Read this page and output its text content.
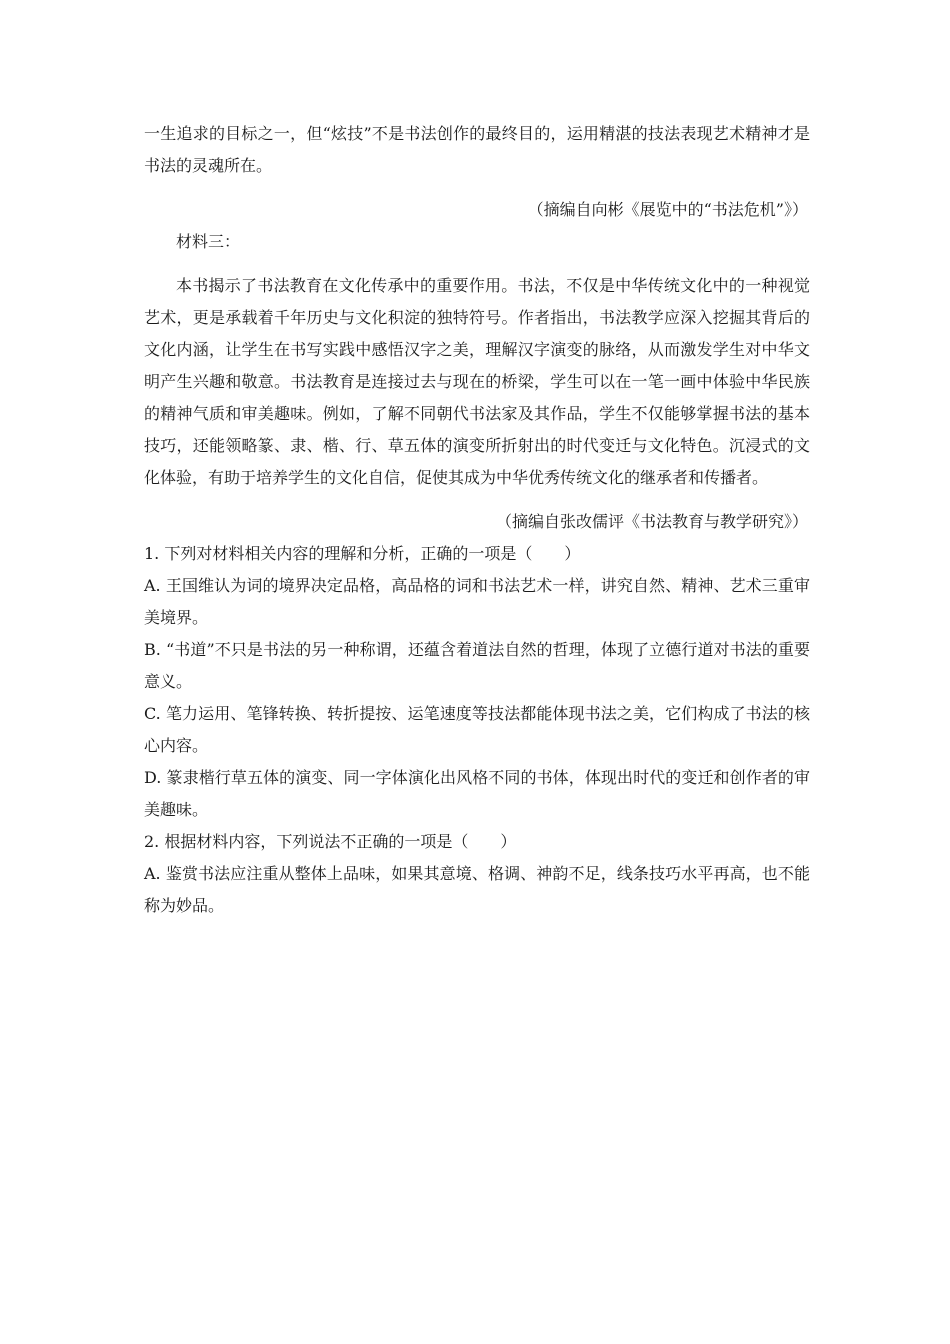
一生追求的目标之一，但“炫技”不是书法创作的最终目的，运用精湛的技法表现艺术精神才是书法的灵魂所在。

（摘编自向彬《展览中的“书法危机”》）

材料三：

本书揭示了书法教育在文化传承中的重要作用。书法，不仅是中华传统文化中的一种视觉艺术，更是承载着千年历史与文化积淀的独特符号。作者指出，书法教学应深入挖掘其背后的文化内涵，让学生在书写实践中感悟汉字之美，理解汉字演变的脉络，从而激发学生对中华文明产生兴趣和敬意。书法教育是连接过去与现在的桥梁，学生可以在一笔一画中体验中华民族的精神气质和审美趣味。例如，了解不同朝代书法家及其作品，学生不仅能够掌握书法的基本技巧，还能领略篆、隶、楷、行、草五体的演变所折射出的时代变迁与文化特色。沉浸式的文化体验，有助于培养学生的文化自信，促使其成为中华优秀传统文化的继承者和传播者。

（摘编自张改儒评《书法教育与教学研究》）

1. 下列对材料相关内容的理解和分析，正确的一项是（　　）

A. 王国维认为词的境界决定品格，高品格的词和书法艺术一样，讲究自然、精神、艺术三重审美境界。

B. “书道”不只是书法的另一种称谓，还蕴含着道法自然的哲理，体现了立德行道对书法的重要意义。

C. 笔力运用、笔锋转换、转折提按、运笔速度等技法都能体现书法之美，它们构成了书法的核心内容。

D. 篆隶楷行草五体的演变、同一字体演化出风格不同的书体，体现出时代的变迁和创作者的审美趣味。

2. 根据材料内容，下列说法不正确的一项是（　　）

A. 鉴赏书法应注重从整体上品味，如果其意境、格调、神韵不足，线条技巧水平再高，也不能称为妙品。
